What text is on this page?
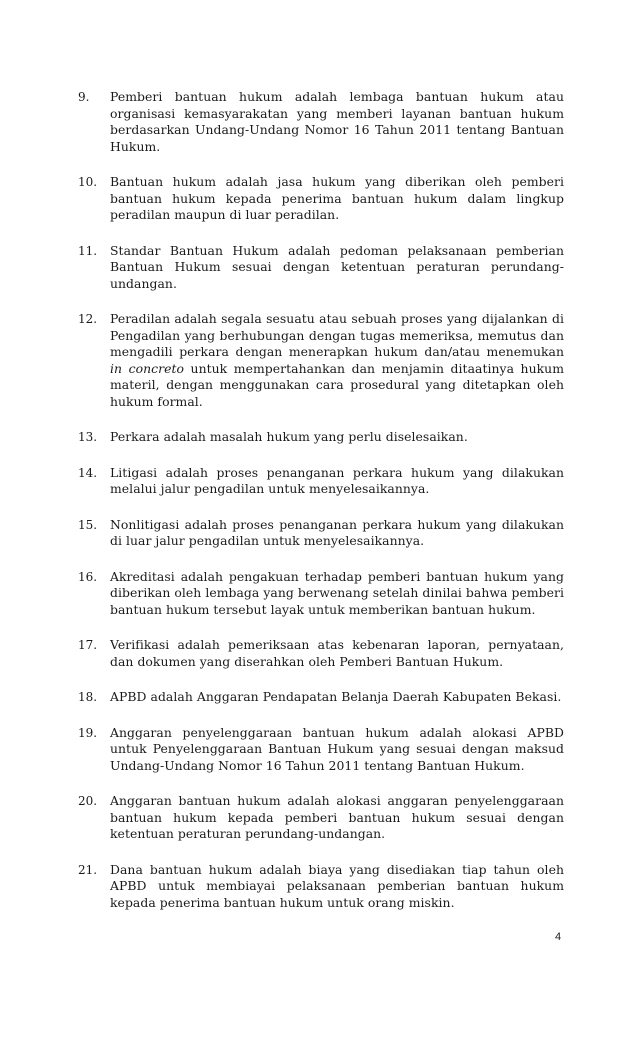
9.	Pemberi bantuan hukum adalah lembaga bantuan hukum atau organisasi kemasyarakatan yang memberi layanan bantuan hukum berdasarkan Undang-Undang Nomor 16 Tahun 2011 tentang Bantuan Hukum.
10.	Bantuan hukum adalah jasa hukum yang diberikan oleh pemberi bantuan hukum kepada penerima bantuan hukum dalam lingkup peradilan maupun di luar peradilan.
11.	Standar Bantuan Hukum adalah pedoman pelaksanaan pemberian Bantuan Hukum sesuai dengan ketentuan peraturan perundang-undangan.
12.	Peradilan adalah segala sesuatu atau sebuah proses yang dijalankan di Pengadilan yang berhubungan dengan tugas memeriksa, memutus dan mengadili perkara dengan menerapkan hukum dan/atau menemukan in concreto untuk mempertahankan dan menjamin ditaatinya hukum materil, dengan menggunakan cara prosedural yang ditetapkan oleh hukum formal.
13.	Perkara adalah masalah hukum yang perlu diselesaikan.
14.	Litigasi adalah proses penanganan perkara hukum yang dilakukan melalui jalur pengadilan untuk menyelesaikannya.
15.	Nonlitigasi adalah proses penanganan perkara hukum yang dilakukan di luar jalur pengadilan untuk menyelesaikannya.
16.	Akreditasi adalah pengakuan terhadap pemberi bantuan hukum yang diberikan oleh lembaga yang berwenang setelah dinilai bahwa pemberi bantuan hukum tersebut layak untuk memberikan bantuan hukum.
17.	Verifikasi adalah pemeriksaan atas kebenaran laporan, pernyataan, dan dokumen yang diserahkan oleh Pemberi Bantuan Hukum.
18.	APBD adalah Anggaran Pendapatan Belanja Daerah Kabupaten Bekasi.
19.	Anggaran penyelenggaraan bantuan hukum adalah alokasi APBD untuk Penyelenggaraan Bantuan Hukum yang sesuai dengan maksud Undang-Undang Nomor 16 Tahun 2011 tentang Bantuan Hukum.
20.	Anggaran bantuan hukum adalah alokasi anggaran penyelenggaraan bantuan hukum kepada pemberi bantuan hukum sesuai dengan ketentuan peraturan perundang-undangan.
21.	Dana bantuan hukum adalah biaya yang disediakan tiap tahun oleh APBD untuk membiayai pelaksanaan pemberian bantuan hukum kepada penerima bantuan hukum untuk orang miskin.
4
